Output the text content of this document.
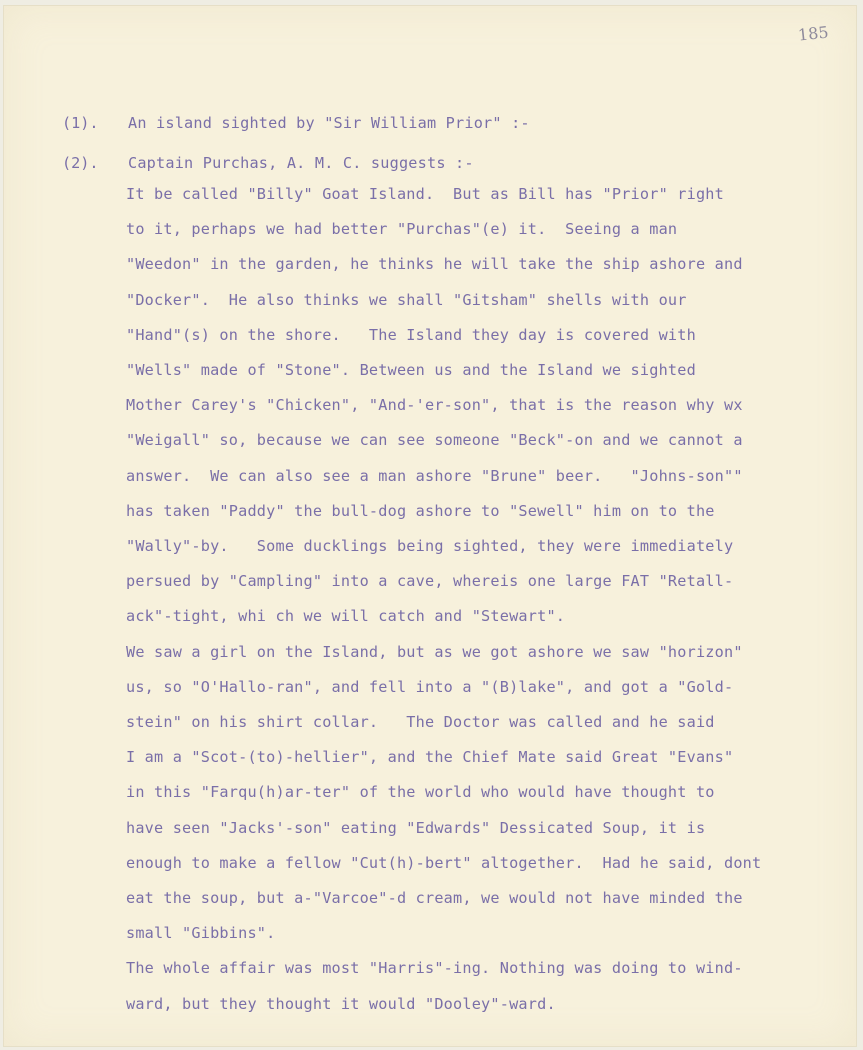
185
(1). An island sighted by "Sir William Prior" :-
(2). Captain Purchas, A. M. C. suggests :-
It be called "Billy" Goat Island.  But as Bill has "Prior" right
to it, perhaps we had better "Purchas"(e) it.  Seeing a man
"Weedon" in the garden, he thinks he will take the ship ashore and
"Docker".  He also thinks we shall "Gitsham" shells with our
"Hand"(s) on the shore.   The Island they day is covered with
"Wells" made of "Stone". Between us and the Island we sighted
Mother Carey's "Chicken", "And-'er-son", that is the reason why wx
"Weigall" so, because we can see someone "Beck"-on and we cannot a
answer.  We can also see a man ashore "Brune" beer.   "Johns-son""
has taken "Paddy" the bull-dog ashore to "Sewell" him on to the
"Wally"-by.   Some ducklings being sighted, they were immediately
persued by "Campling" into a cave, whereis one large FAT "Retall-
ack"-tight, whi ch we will catch and "Stewart".
We saw a girl on the Island, but as we got ashore we saw "horizon"
us, so "O'Hallo-ran", and fell into a "(B)lake", and got a "Gold-
stein" on his shirt collar.   The Doctor was called and he said
I am a "Scot-(to)-hellier", and the Chief Mate said Great "Evans"
in this "Farqu(h)ar-ter" of the world who would have thought to
have seen "Jacks'-son" eating "Edwards" Dessicated Soup, it is
enough to make a fellow "Cut(h)-bert" altogether.  Had he said, dont
eat the soup, but a-"Varcoe"-d cream, we would not have minded the
small "Gibbins".
The whole affair was most "Harris"-ing. Nothing was doing to wind-
ward, but they thought it would "Dooley"-ward.
